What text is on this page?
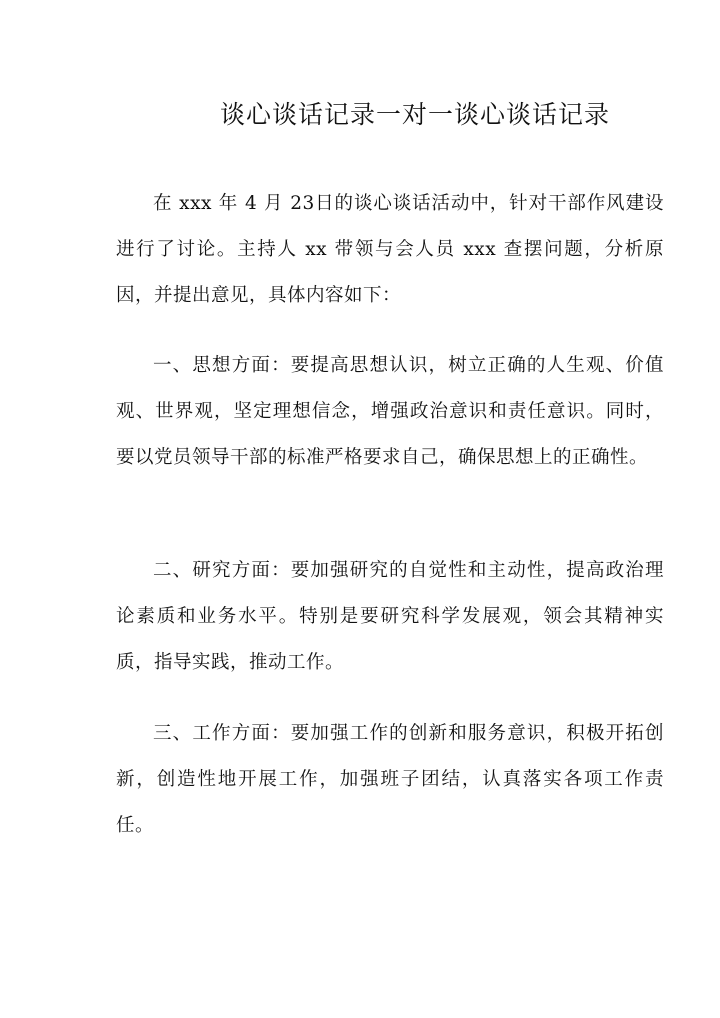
谈心谈话记录一对一谈心谈话记录

在 xxx 年 4 月 23日的谈心谈话活动中，针对干部作风建设进行了讨论。主持人 xx 带领与会人员 xxx 查摆问题，分析原因，并提出意见，具体内容如下：

一、思想方面：要提高思想认识，树立正确的人生观、价值观、世界观，坚定理想信念，增强政治意识和责任意识。同时，要以党员领导干部的标准严格要求自己，确保思想上的正确性。

二、研究方面：要加强研究的自觉性和主动性，提高政治理论素质和业务水平。特别是要研究科学发展观，领会其精神实质，指导实践，推动工作。

三、工作方面：要加强工作的创新和服务意识，积极开拓创新，创造性地开展工作，加强班子团结，认真落实各项工作责任。
